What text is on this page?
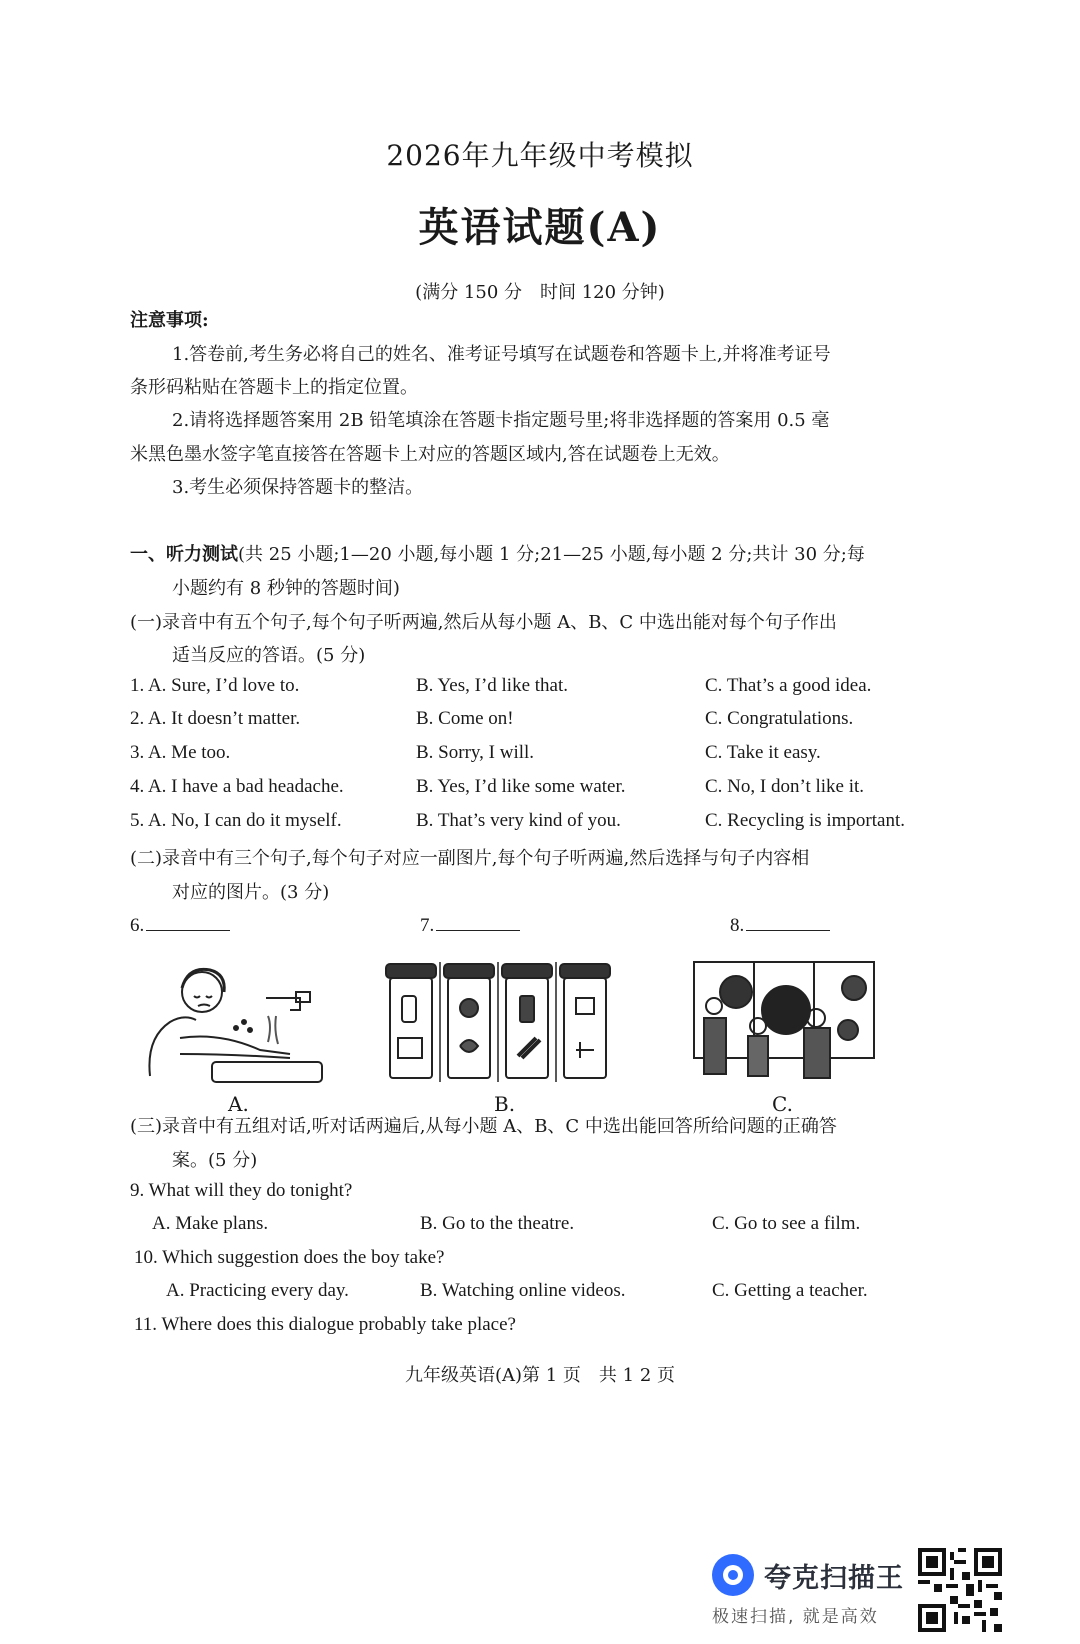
2026年九年级中考模拟
英语试题(A)
(满分 150 分　时间 120 分钟)
注意事项:
1.答卷前,考生务必将自己的姓名、准考证号填写在试题卷和答题卡上,并将准考证号
条形码粘贴在答题卡上的指定位置。
2.请将选择题答案用 2B 铅笔填涂在答题卡指定题号里;将非选择题的答案用 0.5 毫
米黑色墨水签字笔直接答在答题卡上对应的答题区域内,答在试题卷上无效。
3.考生必须保持答题卡的整洁。
一、听力测试(共 25 小题;1—20 小题,每小题 1 分;21—25 小题,每小题 2 分;共计 30 分;每
小题约有 8 秒钟的答题时间)
(一)录音中有五个句子,每个句子听两遍,然后从每小题 A、B、C 中选出能对每个句子作出
适当反应的答语。(5 分)
1. A. Sure, I’d love to.	B. Yes, I’d like that.	C. That’s a good idea.
2. A. It doesn’t matter.	B. Come on!	C. Congratulations.
3. A. Me too.	B. Sorry, I will.	C. Take it easy.
4. A. I have a bad headache.	B. Yes, I’d like some water.	C. No, I don’t like it.
5. A. No, I can do it myself.	B. That’s very kind of you.	C. Recycling is important.
(二)录音中有三个句子,每个句子对应一副图片,每个句子听两遍,然后选择与句子内容相
对应的图片。(3 分)
6.	7.	8.
A.	B.	C.
(三)录音中有五组对话,听对话两遍后,从每小题 A、B、C 中选出能回答所给问题的正确答
案。(5 分)
9. What will they do tonight?
A. Make plans.	B. Go to the theatre.	C. Go to see a film.
10. Which suggestion does the boy take?
A. Practicing every day.	B. Watching online videos.	C. Getting a teacher.
11. Where does this dialogue probably take place?
九年级英语(A)第 1 页　共 1 2 页
夸克扫描王
极速扫描, 就是高效
